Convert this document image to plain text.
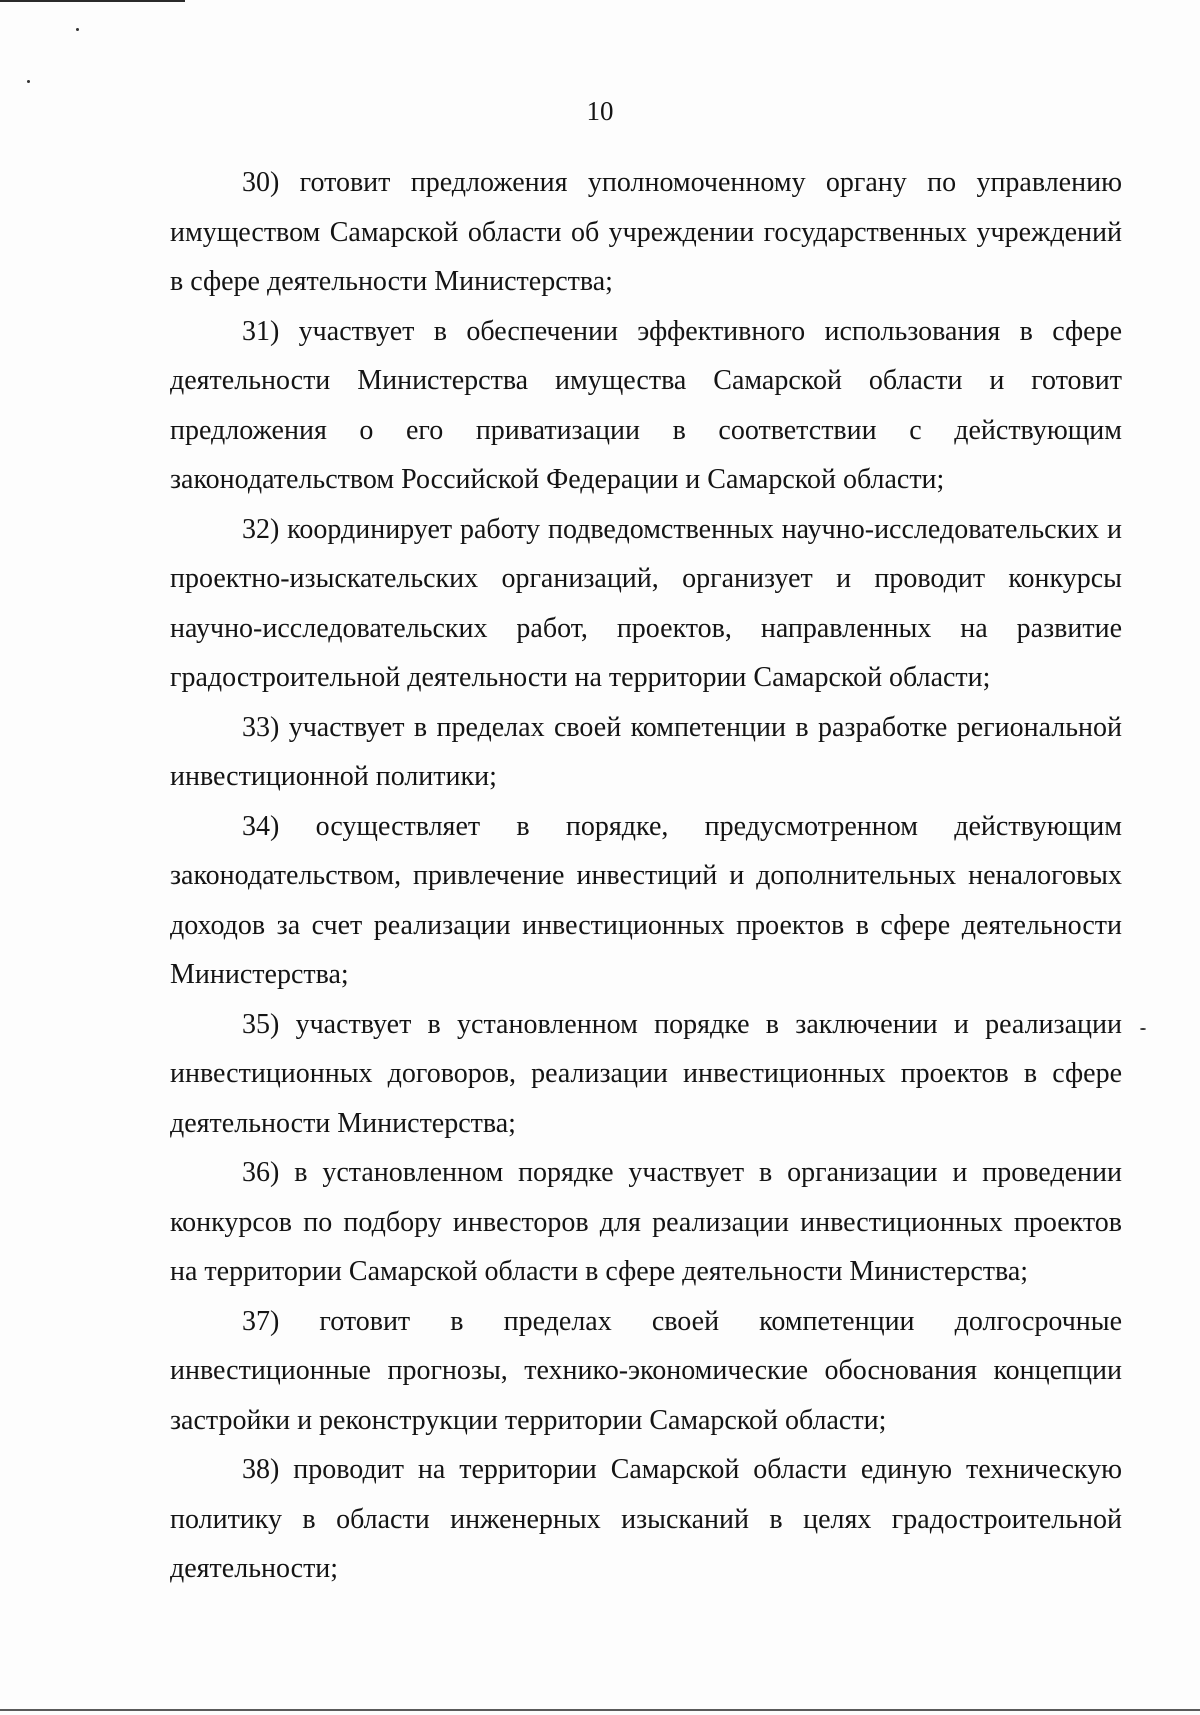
10

30) готовит предложения уполномоченному органу по управлению имуществом Самарской области об учреждении государственных учреждений в сфере деятельности Министерства;

31) участвует в обеспечении эффективного использования в сфере деятельности Министерства имущества Самарской области и готовит предложения о его приватизации в соответствии с действующим законодательством Российской Федерации и Самарской области;

32) координирует работу подведомственных научно-исследовательских и проектно-изыскательских организаций, организует и проводит конкурсы научно-исследовательских работ, проектов, направленных на развитие градостроительной деятельности на территории Самарской области;

33) участвует в пределах своей компетенции в разработке региональной инвестиционной политики;

34) осуществляет в порядке, предусмотренном действующим законодательством, привлечение инвестиций и дополнительных неналоговых доходов за счет реализации инвестиционных проектов в сфере деятельности Министерства;

35) участвует в установленном порядке в заключении и реализации инвестиционных договоров, реализации инвестиционных проектов в сфере деятельности Министерства;

36) в установленном порядке участвует в организации и проведении конкурсов по подбору инвесторов для реализации инвестиционных проектов на территории Самарской области в сфере деятельности Министерства;

37) готовит в пределах своей компетенции долгосрочные инвестиционные прогнозы, технико-экономические обоснования концепции застройки и реконструкции территории Самарской области;

38) проводит на территории Самарской области единую техническую политику в области инженерных изысканий в целях градостроительной деятельности;
